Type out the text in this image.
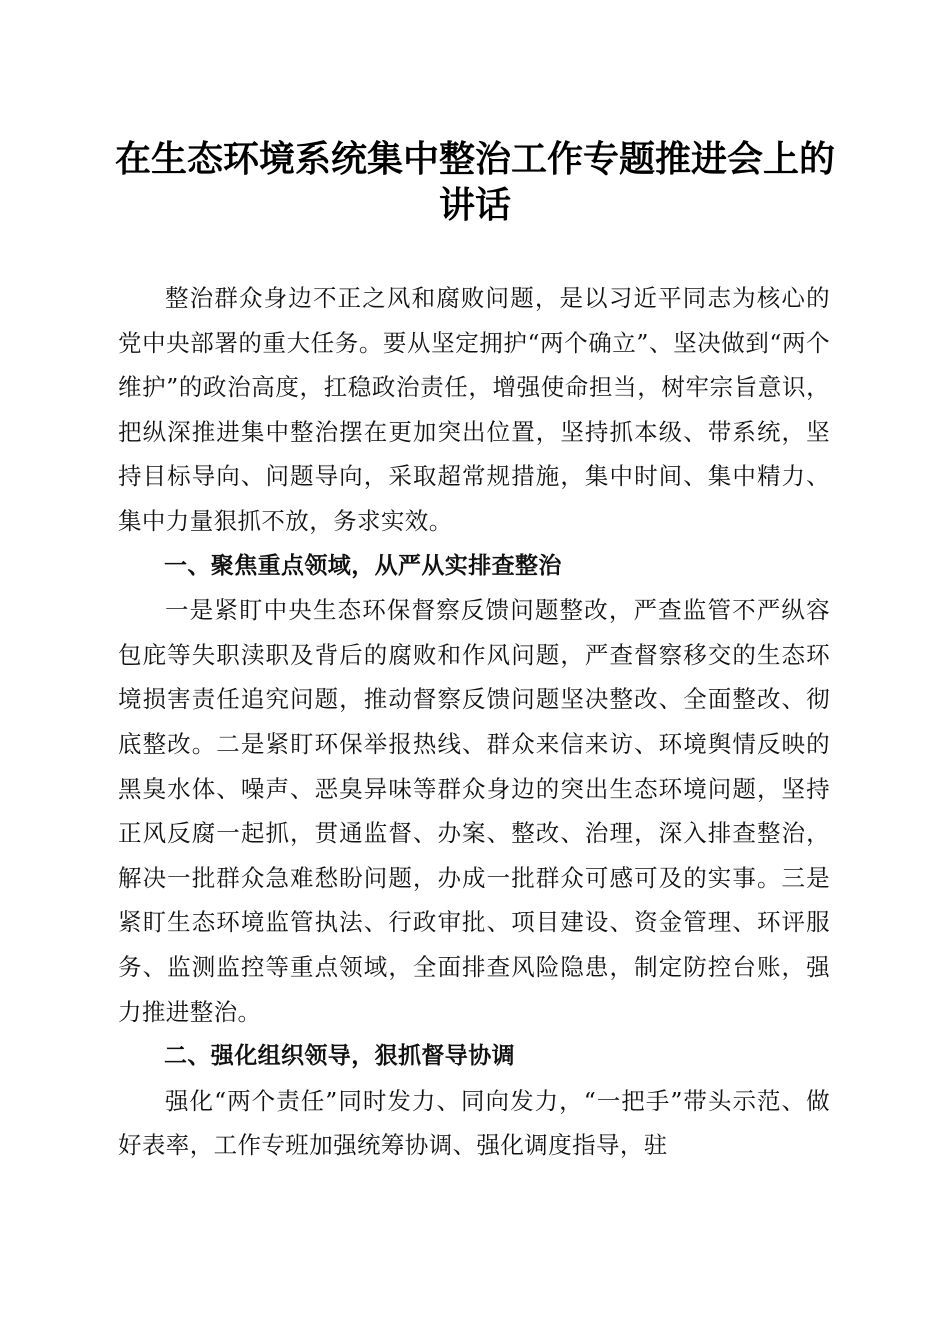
在生态环境系统集中整治工作专题推进会上的讲话

整治群众身边不正之风和腐败问题，是以习近平同志为核心的党中央部署的重大任务。要从坚定拥护“两个确立”、坚决做到“两个维护”的政治高度，扛稳政治责任，增强使命担当，树牢宗旨意识，把纵深推进集中整治摆在更加突出位置，坚持抓本级、带系统，坚持目标导向、问题导向，采取超常规措施，集中时间、集中精力、集中力量狠抓不放，务求实效。

一、聚焦重点领域，从严从实排查整治

一是紧盯中央生态环保督察反馈问题整改，严查监管不严纵容包庇等失职渎职及背后的腐败和作风问题，严查督察移交的生态环境损害责任追究问题，推动督察反馈问题坚决整改、全面整改、彻底整改。二是紧盯环保举报热线、群众来信来访、环境舆情反映的黑臭水体、噪声、恶臭异味等群众身边的突出生态环境问题，坚持正风反腐一起抓，贯通监督、办案、整改、治理，深入排查整治，解决一批群众急难愁盼问题，办成一批群众可感可及的实事。三是紧盯生态环境监管执法、行政审批、项目建设、资金管理、环评服务、监测监控等重点领域，全面排查风险隐患，制定防控台账，强力推进整治。

二、强化组织领导，狠抓督导协调

强化“两个责任”同时发力、同向发力，“一把手”带头示范、做好表率，工作专班加强统筹协调、强化调度指导，驻
